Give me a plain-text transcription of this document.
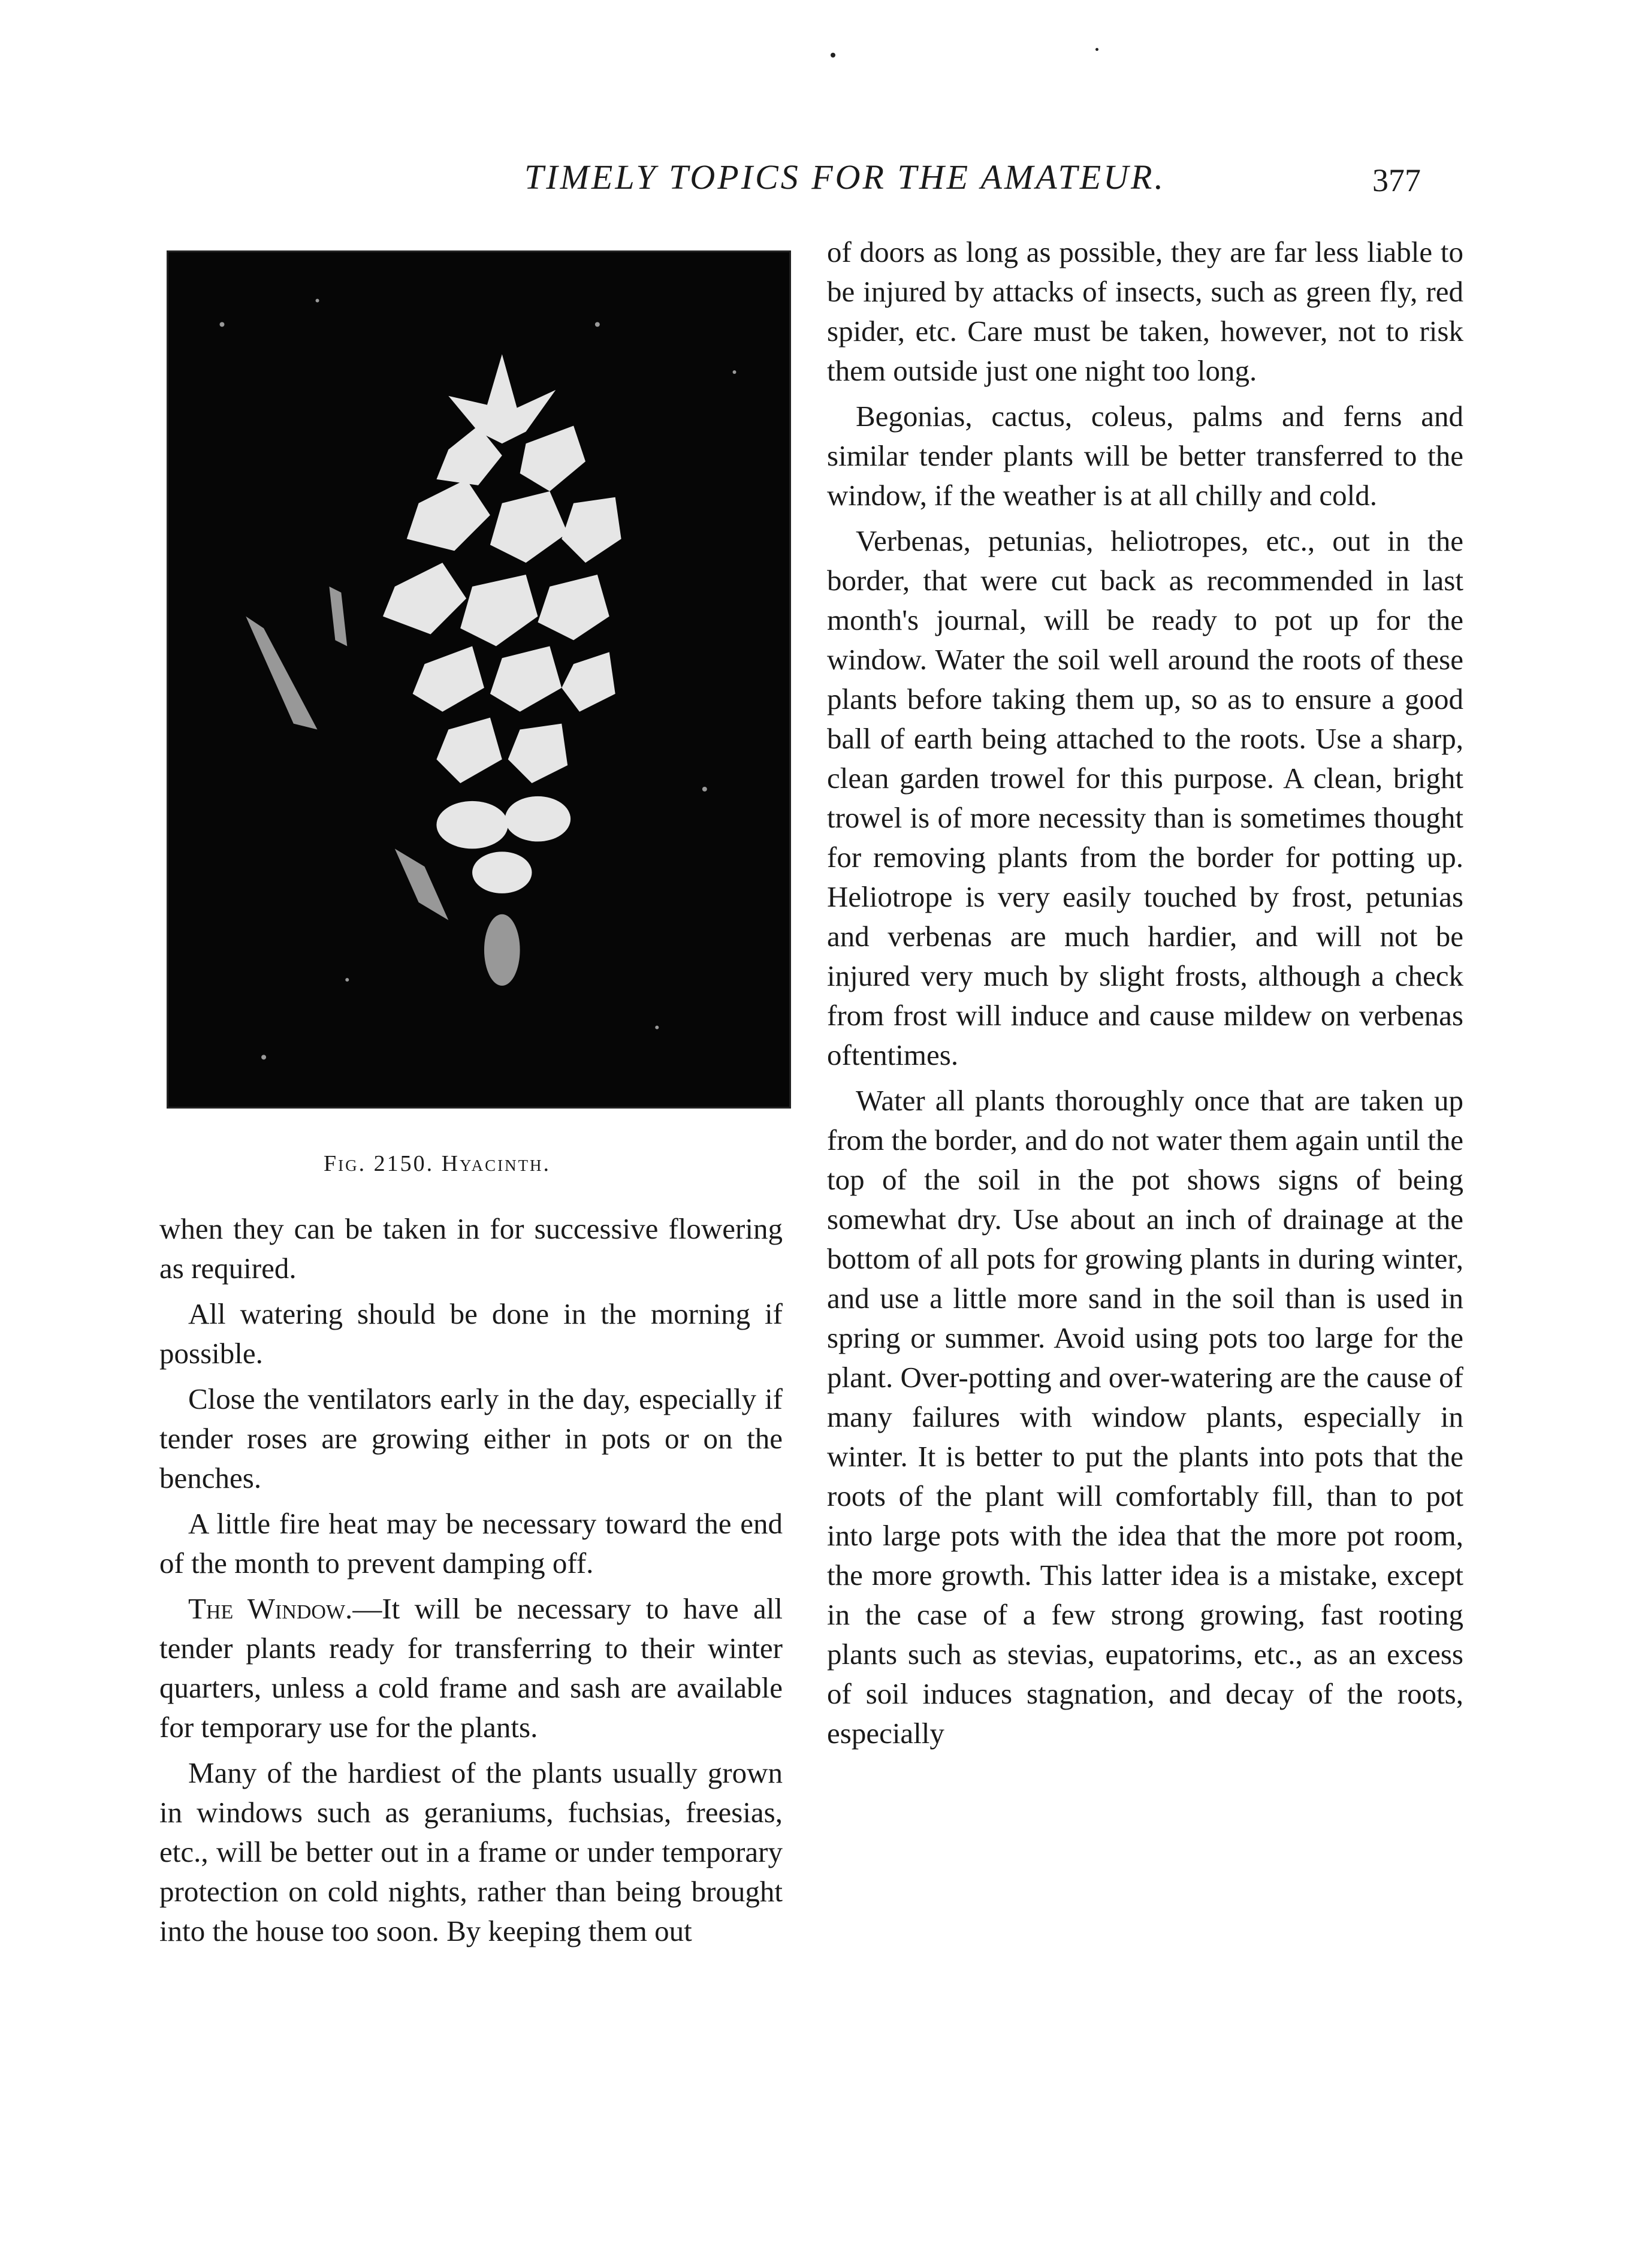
TIMELY TOPICS FOR THE AMATEUR.	377
Fig. 2150. Hyacinth.

when they can be taken in for successive flowering as required.

All watering should be done in the morning if possible.

Close the ventilators early in the day, especially if tender roses are growing either in pots or on the benches.

A little fire heat may be necessary toward the end of the month to prevent damping off.

The Window.—It will be necessary to have all tender plants ready for transferring to their winter quarters, unless a cold frame and sash are available for temporary use for the plants.

Many of the hardiest of the plants usually grown in windows such as geraniums, fuchsias, freesias, etc., will be better out in a frame or under temporary protection on cold nights, rather than being brought into the house too soon. By keeping them out

of doors as long as possible, they are far less liable to be injured by attacks of insects, such as green fly, red spider, etc. Care must be taken, however, not to risk them outside just one night too long.

Begonias, cactus, coleus, palms and ferns and similar tender plants will be better transferred to the window, if the weather is at all chilly and cold.

Verbenas, petunias, heliotropes, etc., out in the border, that were cut back as recommended in last month's journal, will be ready to pot up for the window. Water the soil well around the roots of these plants before taking them up, so as to ensure a good ball of earth being attached to the roots. Use a sharp, clean garden trowel for this purpose. A clean, bright trowel is of more necessity than is sometimes thought for removing plants from the border for potting up. Heliotrope is very easily touched by frost, petunias and verbenas are much hardier, and will not be injured very much by slight frosts, although a check from frost will induce and cause mildew on verbenas oftentimes.

Water all plants thoroughly once that are taken up from the border, and do not water them again until the top of the soil in the pot shows signs of being somewhat dry. Use about an inch of drainage at the bottom of all pots for growing plants in during winter, and use a little more sand in the soil than is used in spring or summer. Avoid using pots too large for the plant. Over-potting and over-watering are the cause of many failures with window plants, especially in winter. It is better to put the plants into pots that the roots of the plant will comfortably fill, than to pot into large pots with the idea that the more pot room, the more growth. This latter idea is a mistake, except in the case of a few strong growing, fast rooting plants such as stevias, eupatorims, etc., as an excess of soil induces stagnation, and decay of the roots, especially
